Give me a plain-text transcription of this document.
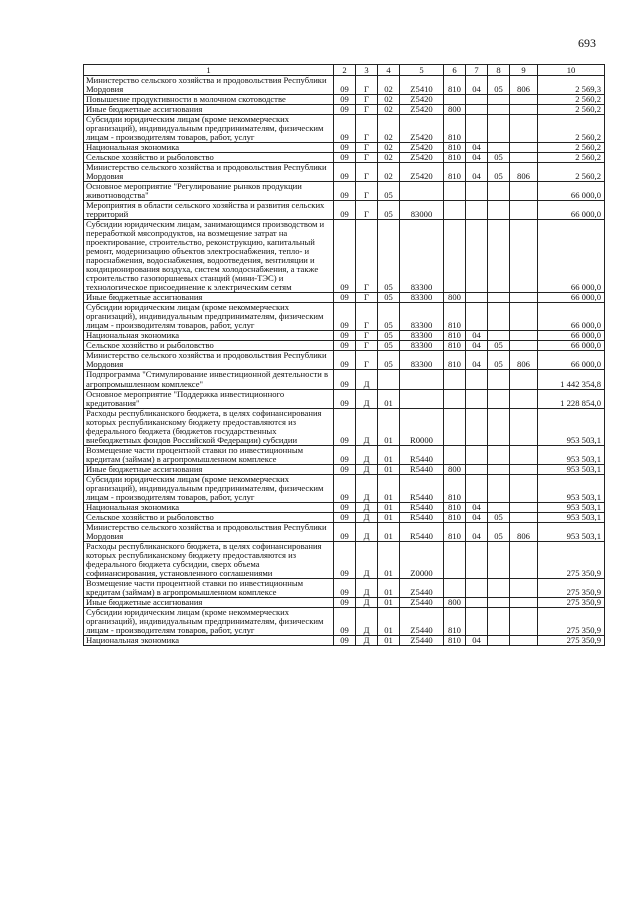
693
1	2	3	4	5	6	7	8	9	10
Министерство сельского хозяйства и продовольствия Республики Мордовия	09	Г	02	Z5410	810	04	05	806	2 569,3
Повышение продуктивности в молочном скотоводстве	09	Г	02	Z5420					2 560,2
Иные бюджетные ассигнования	09	Г	02	Z5420	800				2 560,2
Субсидии юридическим лицам (кроме некоммерческих организаций), индивидуальным предпринимателям, физическим лицам - производителям товаров, работ, услуг	09	Г	02	Z5420	810				2 560,2
Национальная экономика	09	Г	02	Z5420	810	04			2 560,2
Сельское хозяйство и рыболовство	09	Г	02	Z5420	810	04	05		2 560,2
Министерство сельского хозяйства и продовольствия Республики Мордовия	09	Г	02	Z5420	810	04	05	806	2 560,2
Основное мероприятие "Регулирование рынков продукции животноводства"	09	Г	05						66 000,0
Мероприятия в области сельского хозяйства и развития сельских территорий	09	Г	05	83000					66 000,0
Субсидии юридическим лицам, занимающимся производством и переработкой мясопродуктов, на возмещение затрат на проектирование, строительство, реконструкцию, капитальный ремонт, модернизацию объектов электроснабжения, тепло- и пароснабжения, водоснабжения, водоотведения, вентиляции и кондиционирования воздуха, систем холодоснабжения, а также строительство газопоршневых станций (мини-ТЭС) и технологическое присоединение к электрическим сетям	09	Г	05	83300					66 000,0
Иные бюджетные ассигнования	09	Г	05	83300	800				66 000,0
Субсидии юридическим лицам (кроме некоммерческих организаций), индивидуальным предпринимателям, физическим лицам - производителям товаров, работ, услуг	09	Г	05	83300	810				66 000,0
Национальная экономика	09	Г	05	83300	810	04			66 000,0
Сельское хозяйство и рыболовство	09	Г	05	83300	810	04	05		66 000,0
Министерство сельского хозяйства и продовольствия Республики Мордовия	09	Г	05	83300	810	04	05	806	66 000,0
Подпрограмма "Стимулирование инвестиционной деятельности в агропромышленном комплексе"	09	Д							1 442 354,8
Основное мероприятие "Поддержка инвестиционного кредитования"	09	Д	01						1 228 854,0
Расходы республиканского бюджета, в целях софинансирования которых республиканскому бюджету предоставляются из федерального бюджета (бюджетов государственных внебюджетных фондов Российской Федерации) субсидии	09	Д	01	R0000					953 503,1
Возмещение части процентной ставки по инвестиционным кредитам (займам) в агропромышленном комплексе	09	Д	01	R5440					953 503,1
Иные бюджетные ассигнования	09	Д	01	R5440	800				953 503,1
Субсидии юридическим лицам (кроме некоммерческих организаций), индивидуальным предпринимателям, физическим лицам - производителям товаров, работ, услуг	09	Д	01	R5440	810				953 503,1
Национальная экономика	09	Д	01	R5440	810	04			953 503,1
Сельское хозяйство и рыболовство	09	Д	01	R5440	810	04	05		953 503,1
Министерство сельского хозяйства и продовольствия Республики Мордовия	09	Д	01	R5440	810	04	05	806	953 503,1
Расходы республиканского бюджета, в целях софинансирования которых республиканскому бюджету предоставляются из федерального бюджета субсидии, сверх объема софинансирования, установленного соглашениями	09	Д	01	Z0000					275 350,9
Возмещение части процентной ставки по инвестиционным кредитам (займам) в агропромышленном комплексе	09	Д	01	Z5440					275 350,9
Иные бюджетные ассигнования	09	Д	01	Z5440	800				275 350,9
Субсидии юридическим лицам (кроме некоммерческих организаций), индивидуальным предпринимателям, физическим лицам - производителям товаров, работ, услуг	09	Д	01	Z5440	810				275 350,9
Национальная экономика	09	Д	01	Z5440	810	04			275 350,9
